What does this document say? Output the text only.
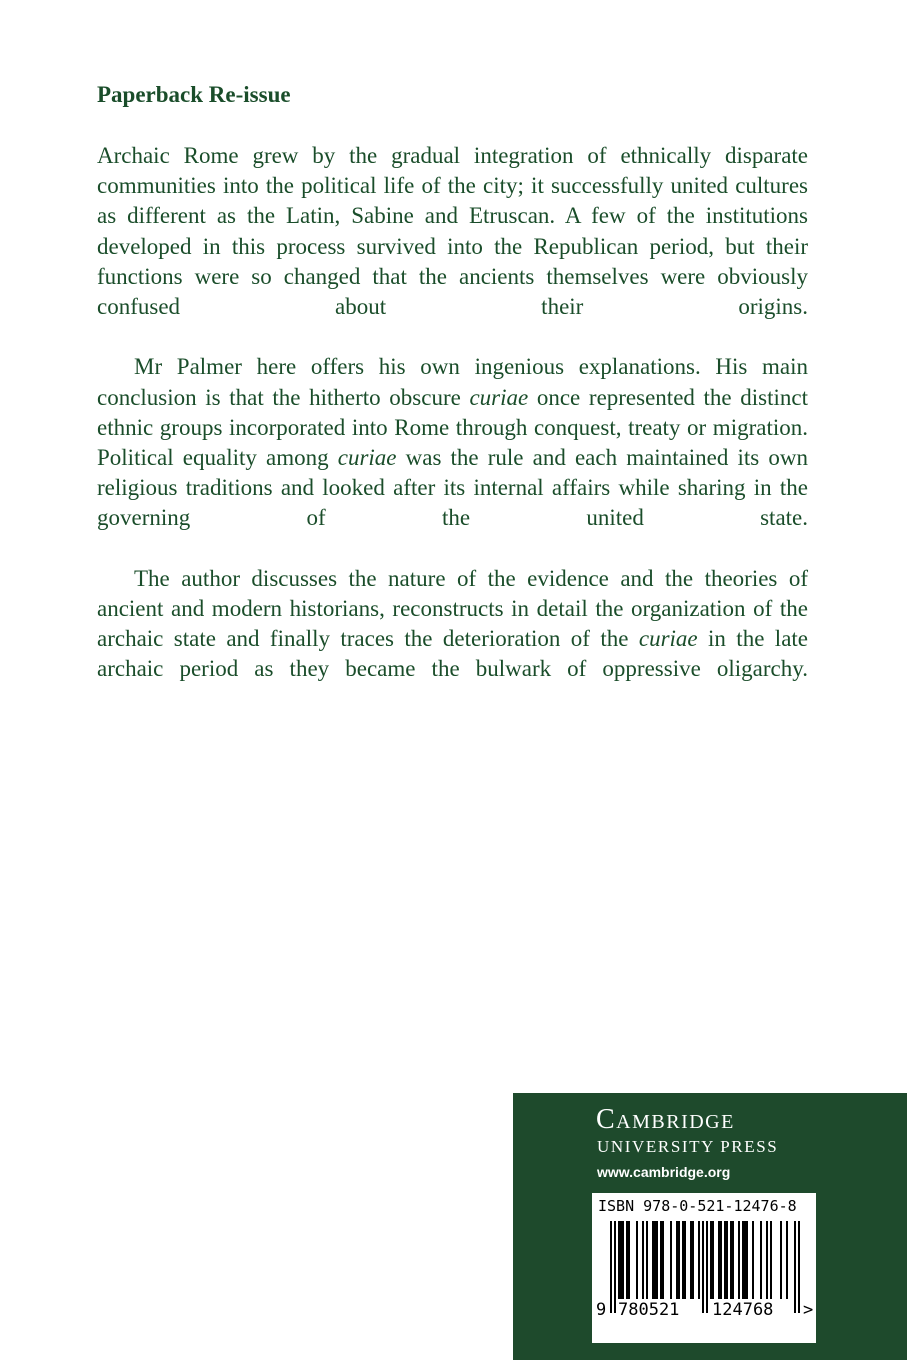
Paperback Re-issue

Archaic Rome grew by the gradual integration of ethnically disparate communities into the political life of the city; it successfully united cultures as different as the Latin, Sabine and Etruscan. A few of the institutions developed in this process survived into the Republican period, but their functions were so changed that the ancients themselves were obviously confused about their origins.

Mr Palmer here offers his own ingenious explanations. His main conclusion is that the hitherto obscure curiae once represented the distinct ethnic groups incorporated into Rome through conquest, treaty or migration. Political equality among curiae was the rule and each maintained its own religious traditions and looked after its internal affairs while sharing in the governing of the united state.

The author discusses the nature of the evidence and the theories of ancient and modern historians, reconstructs in detail the organization of the archaic state and finally traces the deterioration of the curiae in the late archaic period as they became the bulwark of oppressive oligarchy.

Cambridge
UNIVERSITY PRESS
www.cambridge.org
ISBN 978-0-521-12476-8
9 780521 124768 >
